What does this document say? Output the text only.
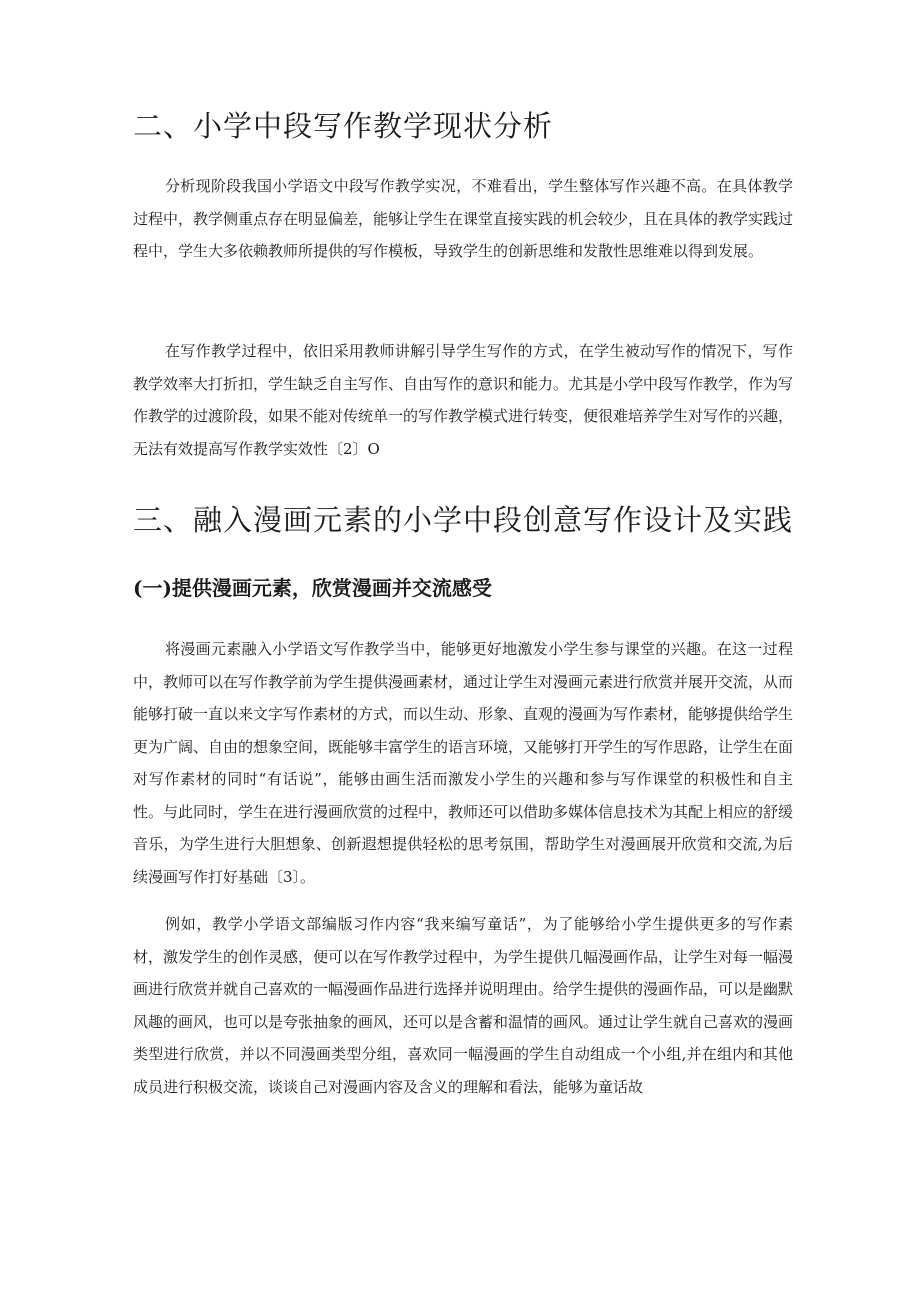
二、小学中段写作教学现状分析

分析现阶段我国小学语文中段写作教学实况，不难看出，学生整体写作兴趣不高。在具体教学过程中，教学侧重点存在明显偏差，能够让学生在课堂直接实践的机会较少，且在具体的教学实践过程中，学生大多依赖教师所提供的写作模板，导致学生的创新思维和发散性思维难以得到发展。

在写作教学过程中，依旧采用教师讲解引导学生写作的方式，在学生被动写作的情况下，写作教学效率大打折扣，学生缺乏自主写作、自由写作的意识和能力。尤其是小学中段写作教学，作为写作教学的过渡阶段，如果不能对传统单一的写作教学模式进行转变，便很难培养学生对写作的兴趣，无法有效提高写作教学实效性〔2〕O

三、融入漫画元素的小学中段创意写作设计及实践
(一)提供漫画元素，欣赏漫画并交流感受

将漫画元素融入小学语文写作教学当中，能够更好地激发小学生参与课堂的兴趣。在这一过程中，教师可以在写作教学前为学生提供漫画素材，通过让学生对漫画元素进行欣赏并展开交流，从而能够打破一直以来文字写作素材的方式，而以生动、形象、直观的漫画为写作素材，能够提供给学生更为广阔、自由的想象空间，既能够丰富学生的语言环境，又能够打开学生的写作思路，让学生在面对写作素材的同时“有话说”，能够由画生活而激发小学生的兴趣和参与写作课堂的积极性和自主性。与此同时，学生在进行漫画欣赏的过程中，教师还可以借助多媒体信息技术为其配上相应的舒缓音乐，为学生进行大胆想象、创新遐想提供轻松的思考氛围，帮助学生对漫画展开欣赏和交流,为后续漫画写作打好基础〔3〕。

例如，教学小学语文部编版习作内容“我来编写童话”，为了能够给小学生提供更多的写作素材，激发学生的创作灵感，便可以在写作教学过程中，为学生提供几幅漫画作品，让学生对每一幅漫画进行欣赏并就自己喜欢的一幅漫画作品进行选择并说明理由。给学生提供的漫画作品，可以是幽默风趣的画风，也可以是夸张抽象的画风，还可以是含蓄和温情的画风。通过让学生就自己喜欢的漫画类型进行欣赏，并以不同漫画类型分组，喜欢同一幅漫画的学生自动组成一个小组,并在组内和其他成员进行积极交流，谈谈自己对漫画内容及含义的理解和看法，能够为童话故
